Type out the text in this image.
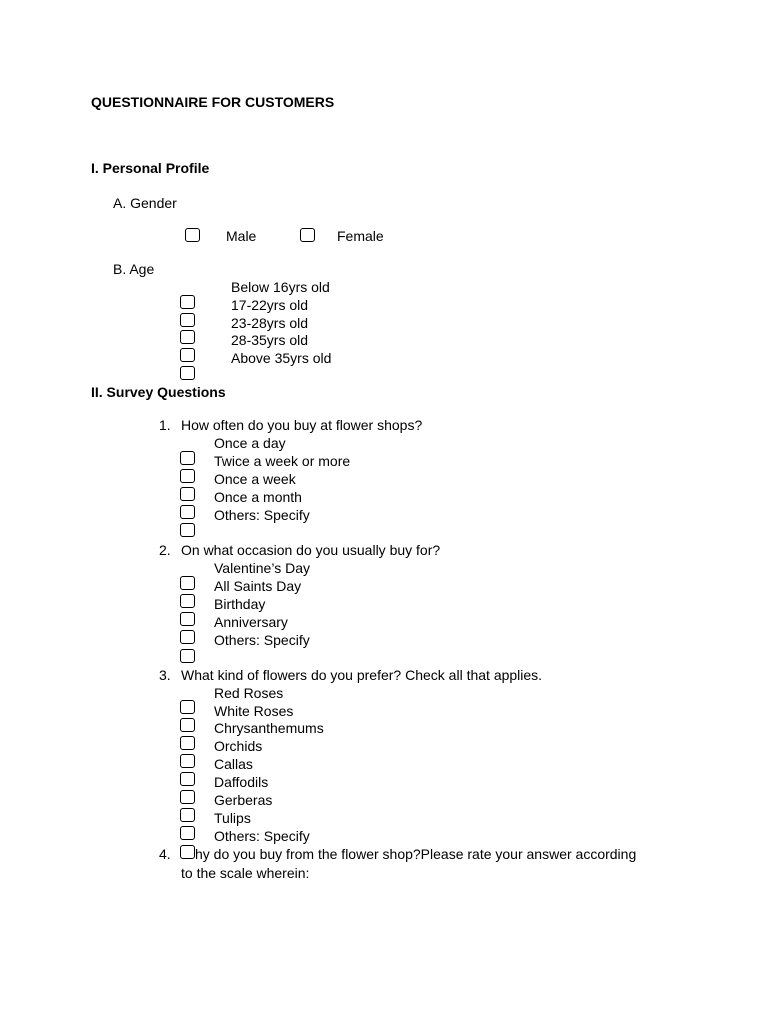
QUESTIONNAIRE FOR CUSTOMERS
I. Personal Profile
A. Gender
Male	Female
B. Age
Below 16yrs old
17-22yrs old
23-28yrs old
28-35yrs old
Above 35yrs old
II. Survey Questions
1. How often do you buy at flower shops?
Once a day
Twice a week or more
Once a week
Once a month
Others: Specify
2. On what occasion do you usually buy for?
Valentine’s Day
All Saints Day
Birthday
Anniversary
Others: Specify
3. What kind of flowers do you prefer? Check all that applies.
Red Roses
White Roses
Chrysanthemums
Orchids
Callas
Daffodils
Gerberas
Tulips
Others: Specify
4. hy do you buy from the flower shop?Please rate your answer according
to the scale wherein:
